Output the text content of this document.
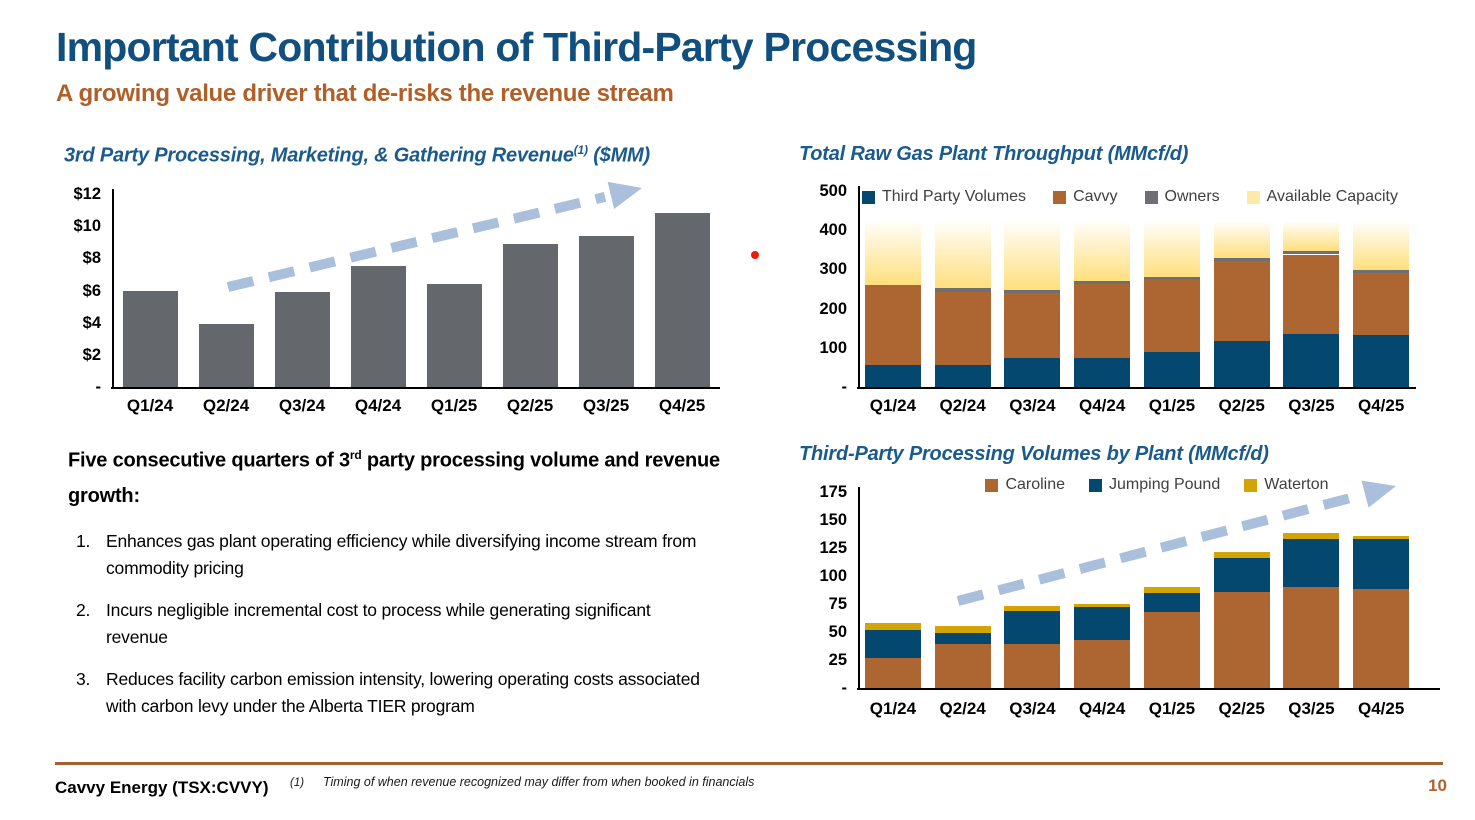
Important Contribution of Third-Party Processing
A growing value driver that de-risks the revenue stream
3rd Party Processing, Marketing, & Gathering Revenue$^{(1)}$ ($MM)
$12
$10
$8
$6
$4
$2
-
Q1/24	Q2/24	Q3/24	Q4/24	Q1/25	Q2/25	Q3/25	Q4/25
Total Raw Gas Plant Throughput (MMcf/d)
500
400
300
200
100
-
Q1/24	Q2/24	Q3/24	Q4/24	Q1/25	Q2/25	Q3/25	Q4/25
Third Party Volumes	Cavvy	Owners	Available Capacity
Third-Party Processing Volumes by Plant (MMcf/d)
175
150
125
100
75
50
25
-
Q1/24	Q2/24	Q3/24	Q4/24	Q1/25	Q2/25	Q3/25	Q4/25
Caroline	Jumping Pound	Waterton
Five consecutive quarters of 3rd party processing volume and revenue growth:
1. Enhances gas plant operating efficiency while diversifying income stream from commodity pricing
2. Incurs negligible incremental cost to process while generating significant revenue
3. Reduces facility carbon emission intensity, lowering operating costs associated with carbon levy under the Alberta TIER program
Cavvy Energy (TSX:CVVY) (1) Timing of when revenue recognized may differ from when booked in financials	10
